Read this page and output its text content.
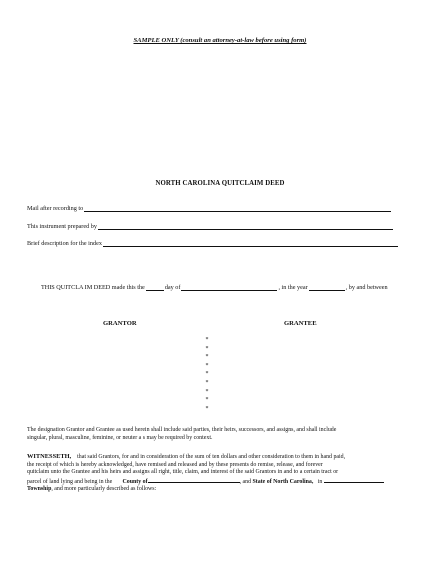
SAMPLE ONLY (consult an attorney-at-law before using form)
NORTH CAROLINA QUITCLAIM DEED
Mail after recording to
This instrument prepared by
Brief description for the index
THIS QUITCLA IM DEED made this the	day of	, in the year	, by and between
GRANTOR	GRANTEE
*
*
*
*
*
*
*
*
*
The designation Grantor and Grantee as used herein shall include said parties, their heirs, successors, and assigns, and shall include
singular, plural, masculine, feminine, or neuter a s may be required by context.
WITNESSETH, that said Grantors, for and in consideration of the sum of ten dollars and other consideration to them in hand paid,
the receipt of which is hereby acknowledged, have remised and released and by these presents do remise, release, and forever
quitclaim unto the Grantee and his heirs and assigns all right, title, claim, and interest of the said Grantors in and to a certain tract or
parcel of land lying and being in the County of	, and State of North Carolina, in
Township, and more particularly described as follows:
